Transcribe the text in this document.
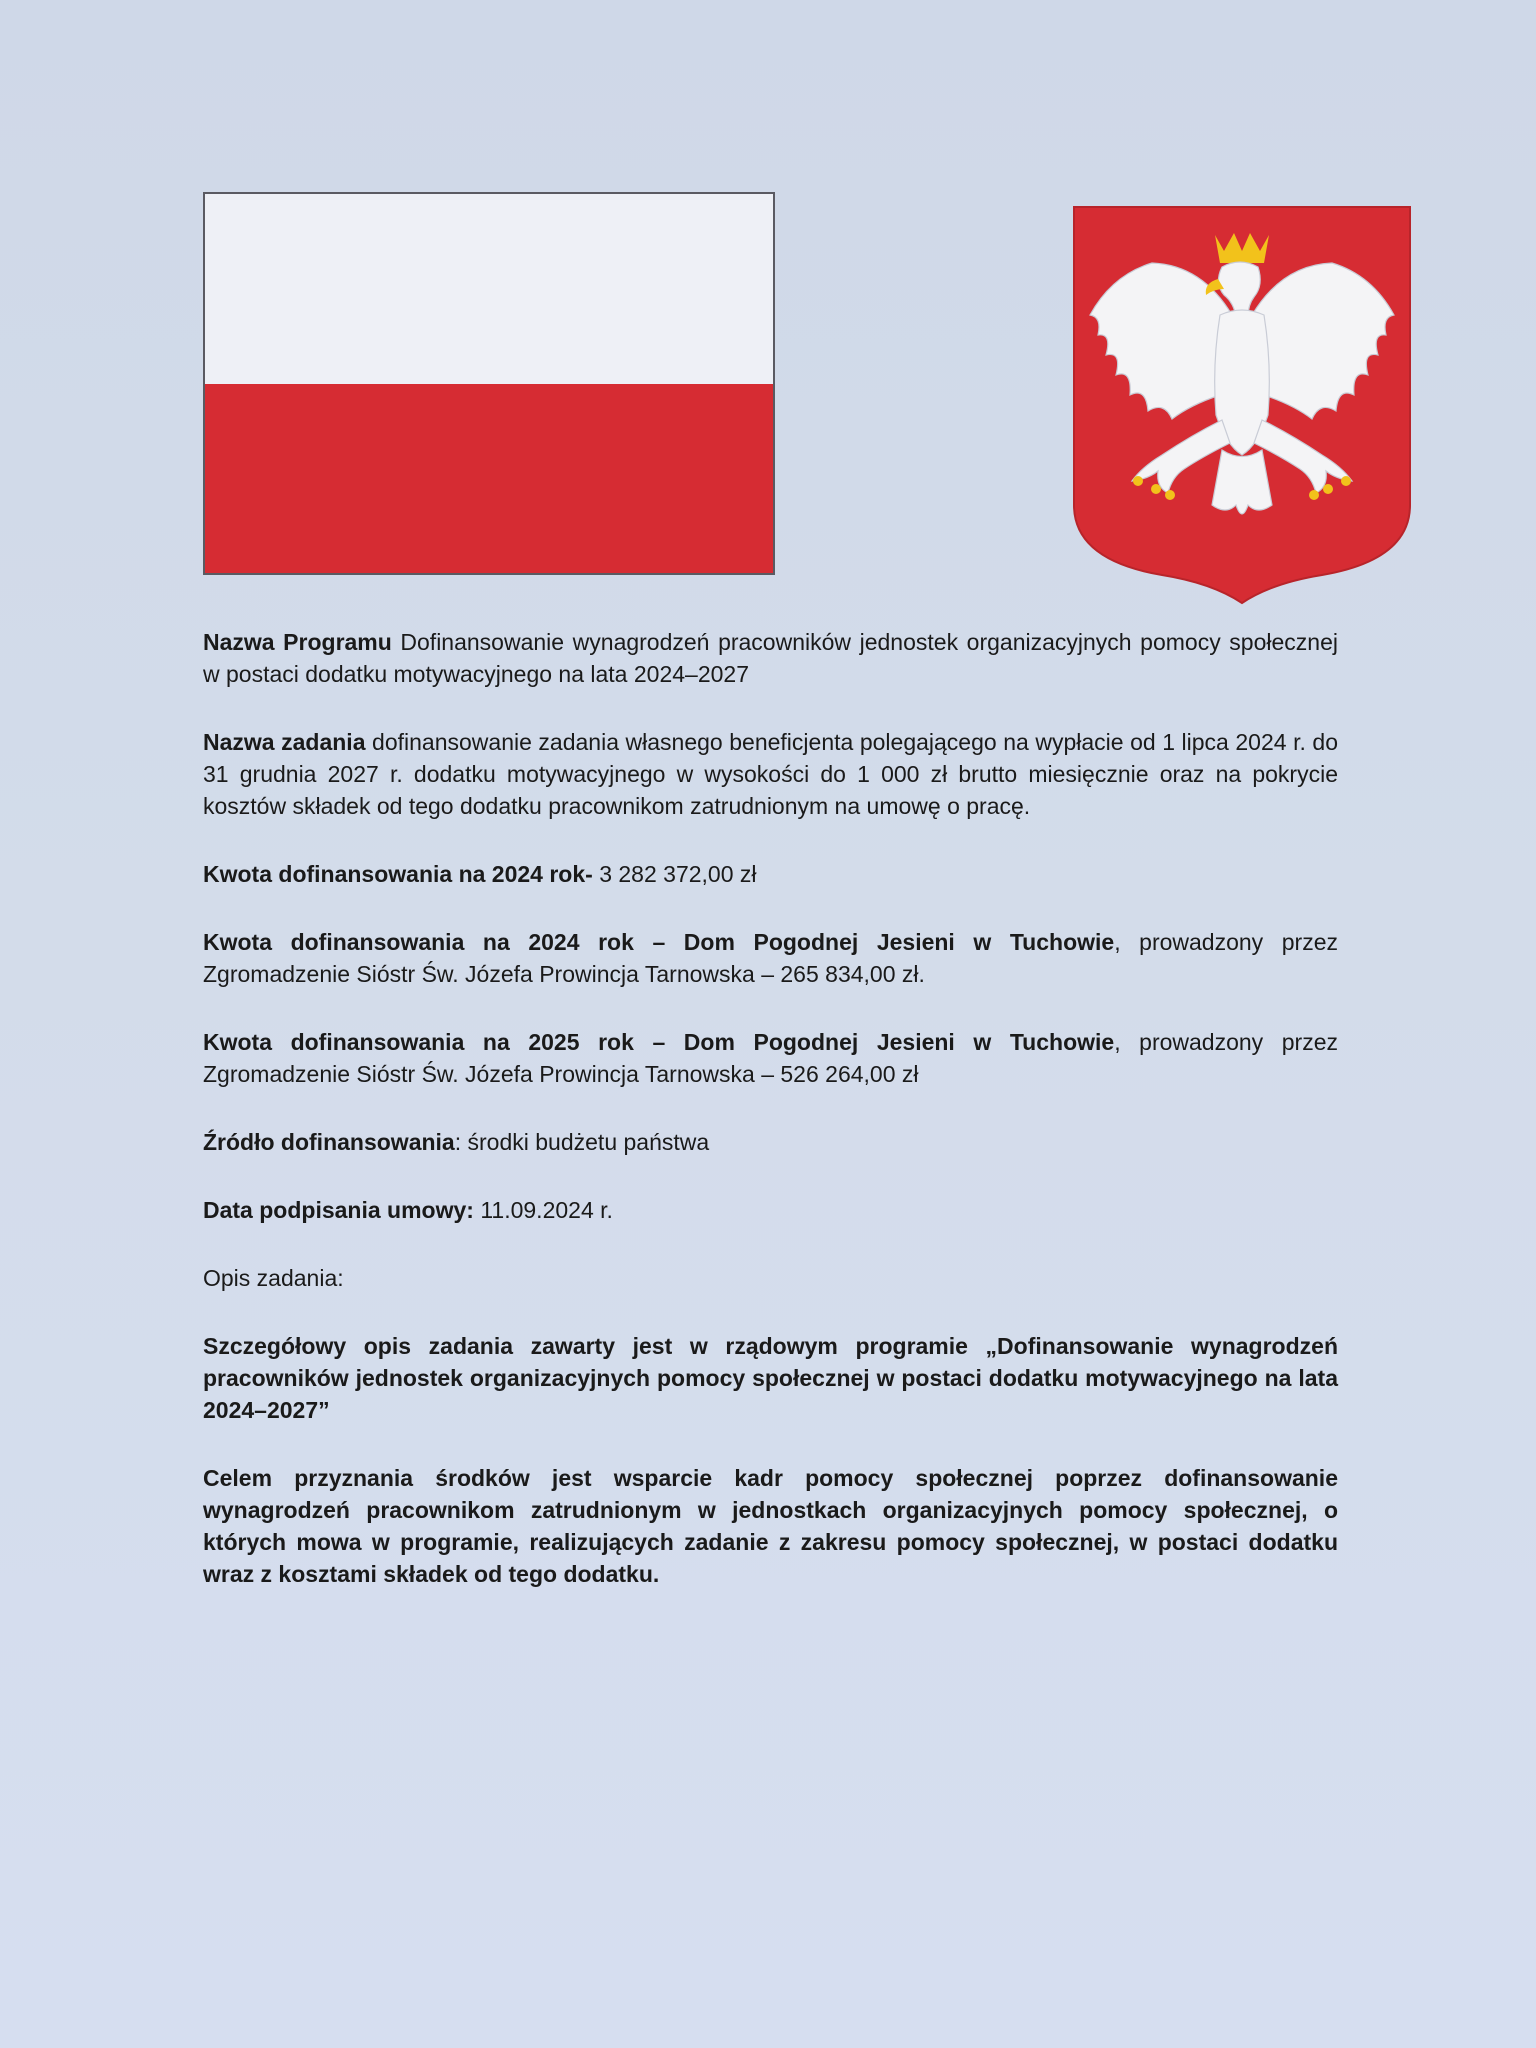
Nazwa Programu Dofinansowanie wynagrodzeń pracowników jednostek organizacyjnych pomocy społecznej w postaci dodatku motywacyjnego na lata 2024–2027

Nazwa zadania dofinansowanie zadania własnego beneficjenta polegającego na wypłacie od 1 lipca 2024 r. do 31 grudnia 2027 r. dodatku motywacyjnego w wysokości do 1 000 zł brutto miesięcznie oraz na pokrycie kosztów składek od tego dodatku pracownikom zatrudnionym na umowę o pracę.

Kwota dofinansowania na 2024 rok- 3 282 372,00 zł

Kwota dofinansowania na 2024 rok – Dom Pogodnej Jesieni w Tuchowie, prowadzony przez Zgromadzenie Sióstr Św. Józefa Prowincja Tarnowska – 265 834,00 zł.

Kwota dofinansowania na 2025 rok – Dom Pogodnej Jesieni w Tuchowie, prowadzony przez Zgromadzenie Sióstr Św. Józefa Prowincja Tarnowska – 526 264,00 zł

Źródło dofinansowania: środki budżetu państwa

Data podpisania umowy: 11.09.2024 r.

Opis zadania:

Szczegółowy opis zadania zawarty jest w rządowym programie „Dofinansowanie wynagrodzeń pracowników jednostek organizacyjnych pomocy społecznej w postaci dodatku motywacyjnego na lata 2024–2027”

Celem przyznania środków jest wsparcie kadr pomocy społecznej poprzez dofinansowanie wynagrodzeń pracownikom zatrudnionym w jednostkach organizacyjnych pomocy społecznej, o których mowa w programie, realizujących zadanie z zakresu pomocy społecznej, w postaci dodatku wraz z kosztami składek od tego dodatku.
